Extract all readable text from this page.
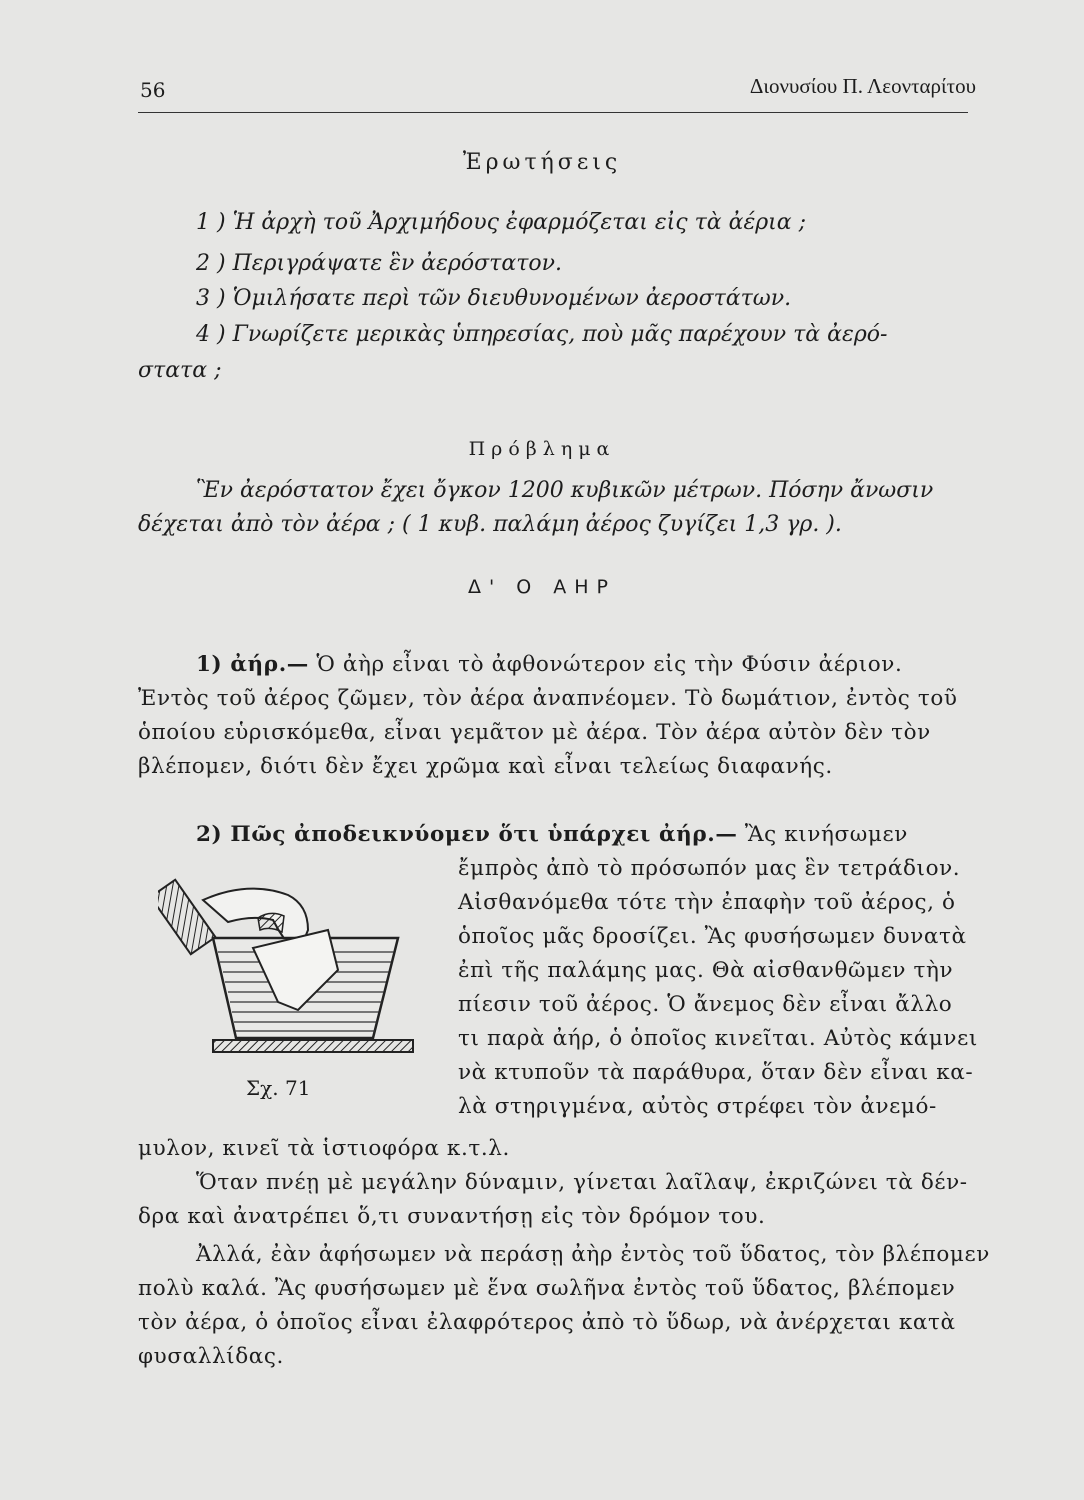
56	Διονυσίου Π. Λεονταρίτου
Ἐρωτήσεις
1 ) Ἡ ἀρχὴ τοῦ Ἀρχιμήδους ἐφαρμόζεται εἰς τὰ ἀέρια ;
2 ) Περιγράψατε ἓν ἀερόστατον.
3 ) Ὁμιλήσατε περὶ τῶν διευθυνομένων ἀεροστάτων.
4 ) Γνωρίζετε μερικὰς ὑπηρεσίας, ποὺ μᾶς παρέχουν τὰ ἀερό-
στατα ;
Πρόβλημα
Ἓν ἀερόστατον ἔχει ὄγκον 1200 κυβικῶν μέτρων. Πόσην ἄνωσιν
δέχεται ἀπὸ τὸν ἀέρα ; ( 1 κυβ. παλάμη ἀέρος ζυγίζει 1,3 γρ. ).
Δ' Ο ΑΗΡ
1) ἀήρ.— Ὁ ἀὴρ εἶναι τὸ ἀφθονώτερον εἰς τὴν Φύσιν ἀέριον.
Ἐντὸς τοῦ ἀέρος ζῶμεν, τὸν ἀέρα ἀναπνέομεν. Τὸ δωμάτιον, ἐντὸς τοῦ
ὁποίου εὑρισκόμεθα, εἶναι γεμᾶτον μὲ ἀέρα. Τὸν ἀέρα αὐτὸν δὲν τὸν
βλέπομεν, διότι δὲν ἔχει χρῶμα καὶ εἶναι τελείως διαφανής.
2) Πῶς ἀποδεικνύομεν ὅτι ὑπάρχει ἀήρ.— Ἂς κινήσωμεν
ἔμπρὸς ἀπὸ τὸ πρόσωπόν μας ἓν τετράδιον.
Αἰσθανόμεθα τότε τὴν ἐπαφὴν τοῦ ἀέρος, ὁ
ὁποῖος μᾶς δροσίζει. Ἂς φυσήσωμεν δυνατὰ
ἐπὶ τῆς παλάμης μας. Θὰ αἰσθανθῶμεν τὴν
πίεσιν τοῦ ἀέρος. Ὁ ἄνεμος δὲν εἶναι ἄλλο
τι παρὰ ἀήρ, ὁ ὁποῖος κινεῖται. Αὐτὸς κάμνει
νὰ κτυποῦν τὰ παράθυρα, ὅταν δὲν εἶναι κα-
λὰ στηριγμένα, αὐτὸς στρέφει τὸν ἀνεμό-
Σχ. 71
μυλον, κινεῖ τὰ ἱστιοφόρα κ.τ.λ.
Ὅταν πνέῃ μὲ μεγάλην δύναμιν, γίνεται λαῖλαψ, ἐκριζώνει τὰ δέν-
δρα καὶ ἀνατρέπει ὅ,τι συναντήσῃ εἰς τὸν δρόμον του.
Ἀλλά, ἐὰν ἀφήσωμεν νὰ περάσῃ ἀὴρ ἐντὸς τοῦ ὕδατος, τὸν βλέπομεν
πολὺ καλά. Ἂς φυσήσωμεν μὲ ἕνα σωλῆνα ἐντὸς τοῦ ὕδατος, βλέπομεν
τὸν ἀέρα, ὁ ὁποῖος εἶναι ἐλαφρότερος ἀπὸ τὸ ὕδωρ, νὰ ἀνέρχεται κατὰ
φυσαλλίδας.
